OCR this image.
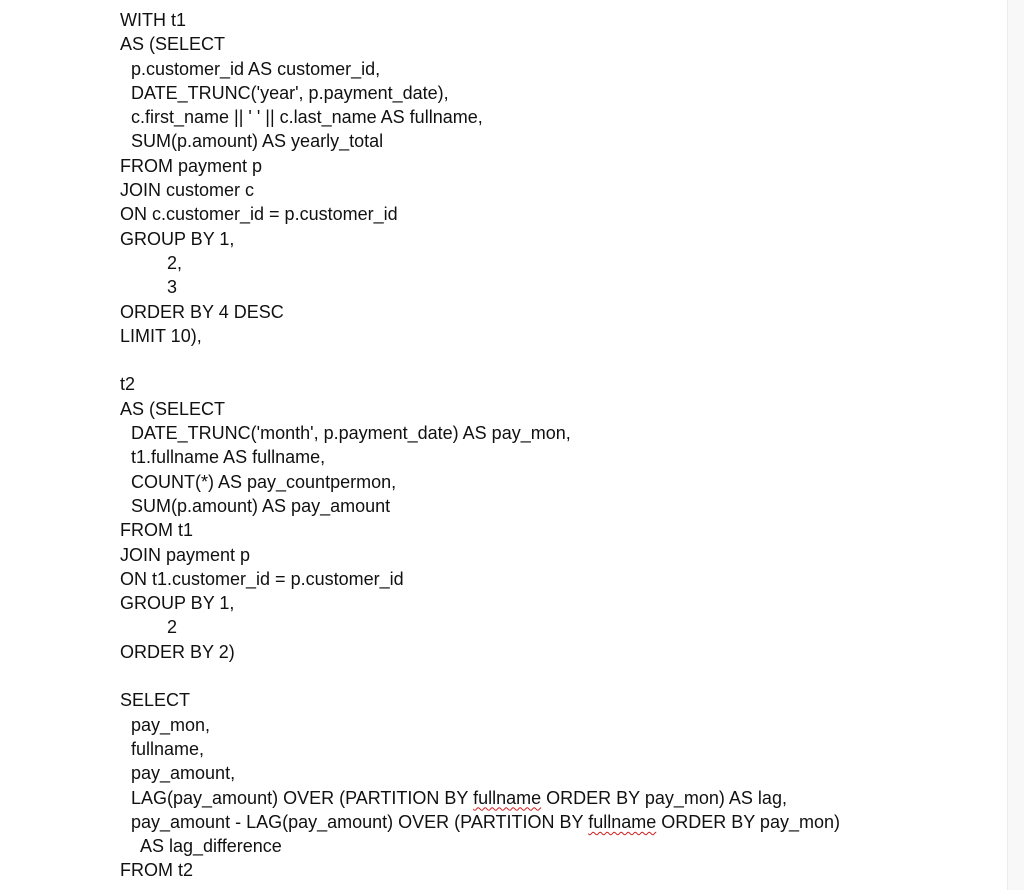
WITH t1
AS (SELECT
p.customer_id AS customer_id,
DATE_TRUNC('year', p.payment_date),
c.first_name || ' ' || c.last_name AS fullname,
SUM(p.amount) AS yearly_total
FROM payment p
JOIN customer c
ON c.customer_id = p.customer_id
GROUP BY 1,
2,
3
ORDER BY 4 DESC
LIMIT 10),
t2
AS (SELECT
DATE_TRUNC('month', p.payment_date) AS pay_mon,
t1.fullname AS fullname,
COUNT(*) AS pay_countpermon,
SUM(p.amount) AS pay_amount
FROM t1
JOIN payment p
ON t1.customer_id = p.customer_id
GROUP BY 1,
2
ORDER BY 2)
SELECT
pay_mon,
fullname,
pay_amount,
LAG(pay_amount) OVER (PARTITION BY fullname ORDER BY pay_mon) AS lag,
pay_amount - LAG(pay_amount) OVER (PARTITION BY fullname ORDER BY pay_mon)
AS lag_difference
FROM t2
